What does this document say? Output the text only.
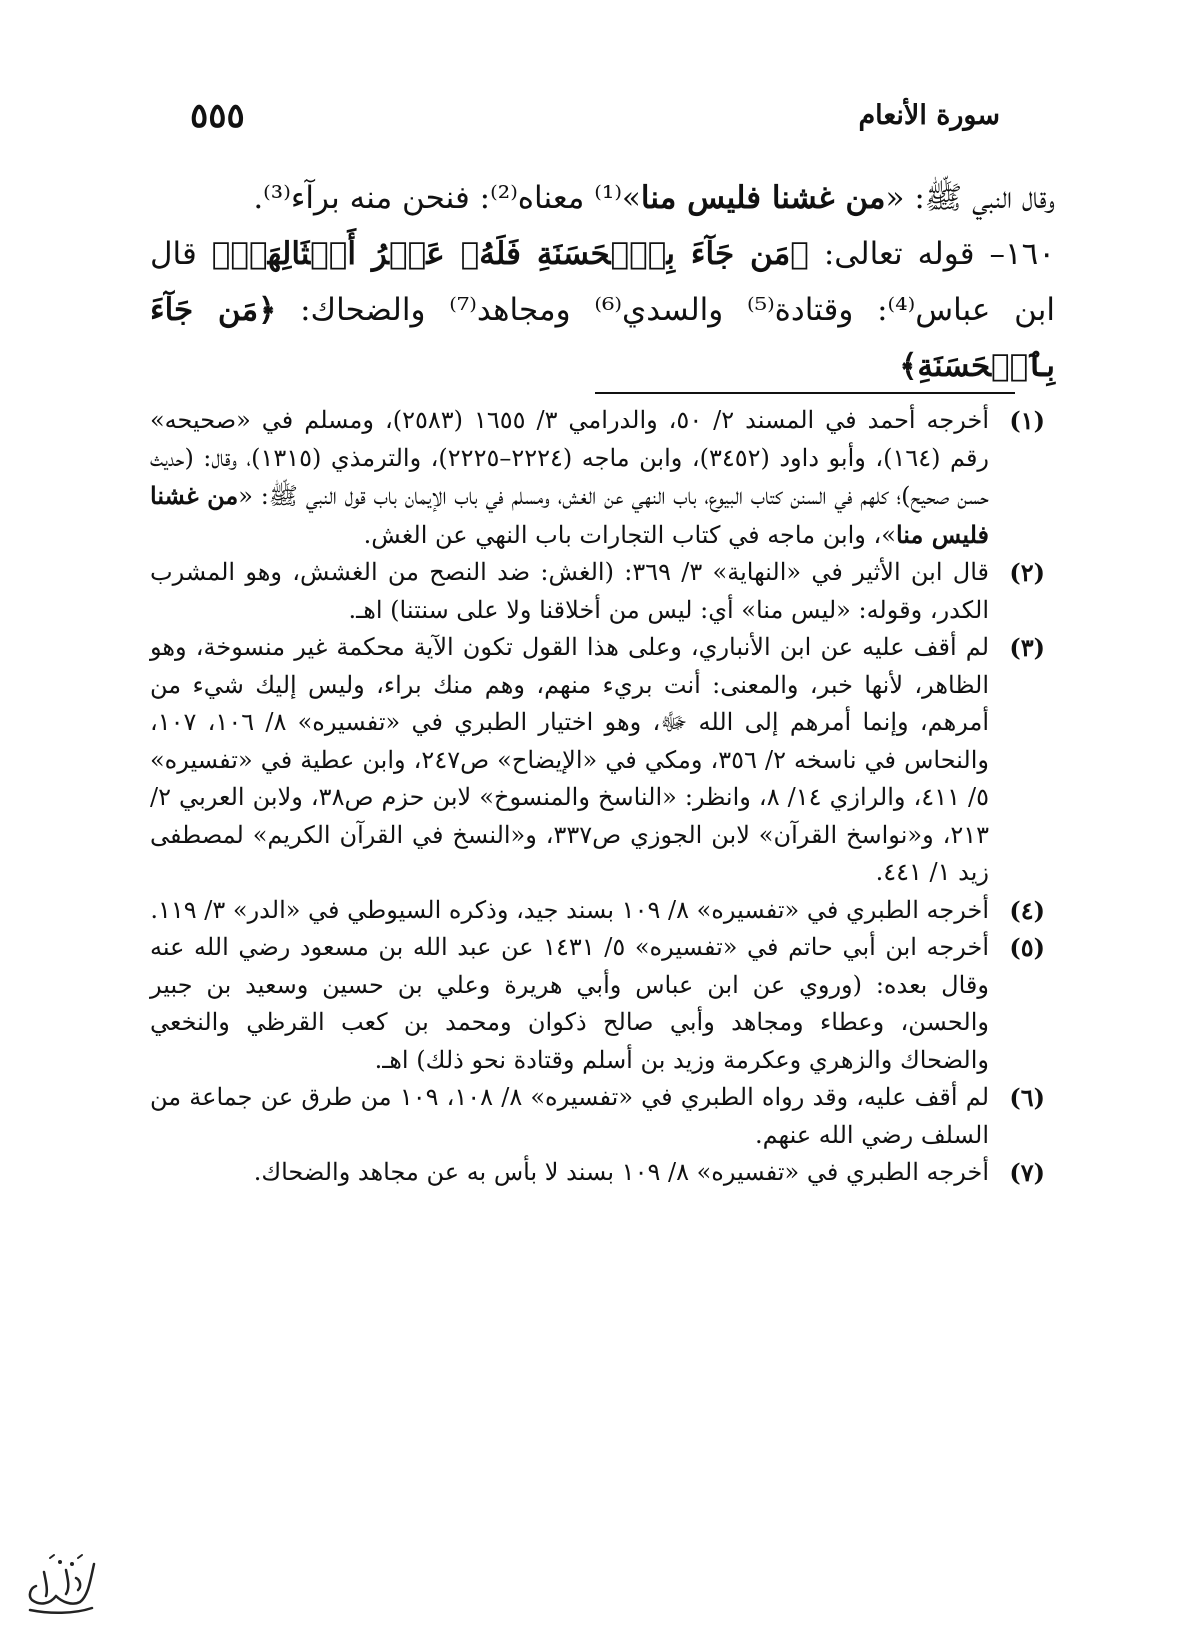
سورة الأنعام
٥٥٥

وقال النبي ﷺ: «من غشنا فليس منا»⁽¹⁾ معناه⁽²⁾: فنحن منه برآء⁽³⁾.

١٦٠– قوله تعالى: ﴿مَن جَآءَ بِٱلۡحَسَنَةِ فَلَهُۥ عَشۡرُ أَمۡثَالِهَاۖ﴾ قال ابن عباس⁽⁴⁾: وقتادة⁽⁵⁾ والسدي⁽⁶⁾ ومجاهد⁽⁷⁾ والضحاك: ﴿مَن جَآءَ بِٱلۡحَسَنَةِ﴾

(١)
أخرجه أحمد في المسند ٢/ ٥٠، والدرامي ٣/ ١٦٥٥ (٢٥٨٣)، ومسلم في «صحيحه» رقم (١٦٤)، وأبو داود (٣٤٥٢)، وابن ماجه (٢٢٢٤–٢٢٢٥)، والترمذي (١٣١٥)، وقال: (حديث حسن صحيح)؛ كلهم في السنن كتاب البيوع، باب النهي عن الغش، ومسلم في باب الإيمان باب قول النبي ﷺ: «من غشنا فليس منا»، وابن ماجه في كتاب التجارات باب النهي عن الغش.

(٢)
قال ابن الأثير في «النهاية» ٣/ ٣٦٩: (الغش: ضد النصح من الغشش، وهو المشرب الكدر، وقوله: «ليس منا» أي: ليس من أخلاقنا ولا على سنتنا) اهـ.

(٣)
لم أقف عليه عن ابن الأنباري، وعلى هذا القول تكون الآية محكمة غير منسوخة، وهو الظاهر، لأنها خبر، والمعنى: أنت بريء منهم، وهم منك براء، وليس إليك شيء من أمرهم، وإنما أمرهم إلى الله ﷻ، وهو اختيار الطبري في «تفسيره» ٨/ ١٠٦، ١٠٧، والنحاس في ناسخه ٢/ ٣٥٦، ومكي في «الإيضاح» ص٢٤٧، وابن عطية في «تفسيره» ٥/ ٤١١، والرازي ١٤/ ٨، وانظر: «الناسخ والمنسوخ» لابن حزم ص٣٨، ولابن العربي ٢/ ٢١٣، و«نواسخ القرآن» لابن الجوزي ص٣٣٧، و«النسخ في القرآن الكريم» لمصطفى زيد ١/ ٤٤١.

(٤)
أخرجه الطبري في «تفسيره» ٨/ ١٠٩ بسند جيد، وذكره السيوطي في «الدر» ٣/ ١١٩.

(٥)
أخرجه ابن أبي حاتم في «تفسيره» ٥/ ١٤٣١ عن عبد الله بن مسعود رضي الله عنه وقال بعده: (وروي عن ابن عباس وأبي هريرة وعلي بن حسين وسعيد بن جبير والحسن، وعطاء ومجاهد وأبي صالح ذكوان ومحمد بن كعب القرظي والنخعي والضحاك والزهري وعكرمة وزيد بن أسلم وقتادة نحو ذلك) اهـ.

(٦)
لم أقف عليه، وقد رواه الطبري في «تفسيره» ٨/ ١٠٨، ١٠٩ من طرق عن جماعة من السلف رضي الله عنهم.

(٧)
أخرجه الطبري في «تفسيره» ٨/ ١٠٩ بسند لا بأس به عن مجاهد والضحاك.
